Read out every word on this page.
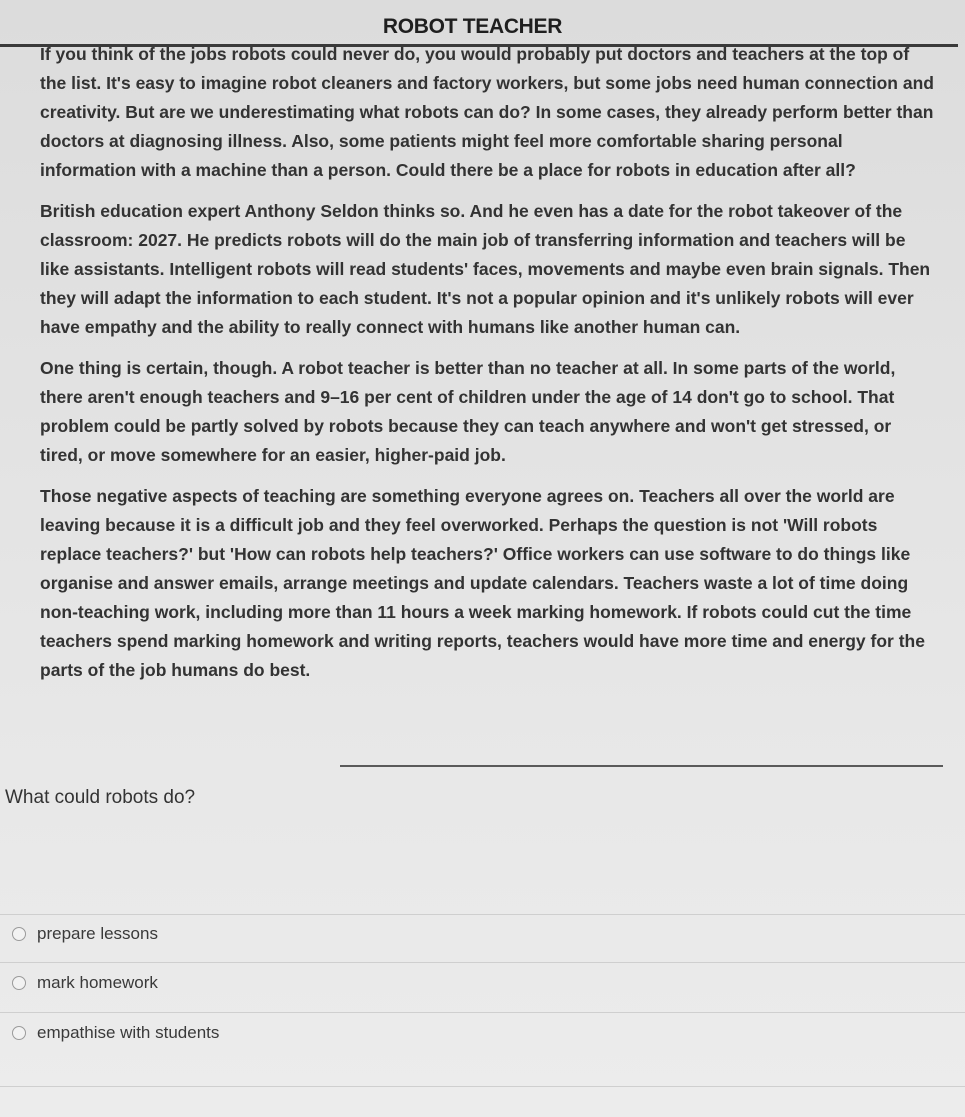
ROBOT TEACHER

If you think of the jobs robots could never do, you would probably put doctors and teachers at the top of the list. It's easy to imagine robot cleaners and factory workers, but some jobs need human connection and creativity. But are we underestimating what robots can do? In some cases, they already perform better than doctors at diagnosing illness. Also, some patients might feel more comfortable sharing personal information with a machine than a person. Could there be a place for robots in education after all?

British education expert Anthony Seldon thinks so. And he even has a date for the robot takeover of the classroom: 2027. He predicts robots will do the main job of transferring information and teachers will be like assistants. Intelligent robots will read students' faces, movements and maybe even brain signals. Then they will adapt the information to each student. It's not a popular opinion and it's unlikely robots will ever have empathy and the ability to really connect with humans like another human can.

One thing is certain, though. A robot teacher is better than no teacher at all. In some parts of the world, there aren't enough teachers and 9–16 per cent of children under the age of 14 don't go to school. That problem could be partly solved by robots because they can teach anywhere and won't get stressed, or tired, or move somewhere for an easier, higher-paid job.

Those negative aspects of teaching are something everyone agrees on. Teachers all over the world are leaving because it is a difficult job and they feel overworked. Perhaps the question is not 'Will robots replace teachers?' but 'How can robots help teachers?' Office workers can use software to do things like organise and answer emails, arrange meetings and update calendars. Teachers waste a lot of time doing non-teaching work, including more than 11 hours a week marking homework. If robots could cut the time teachers spend marking homework and writing reports, teachers would have more time and energy for the parts of the job humans do best.

What could robots do?
prepare lessons
mark homework
empathise with students
